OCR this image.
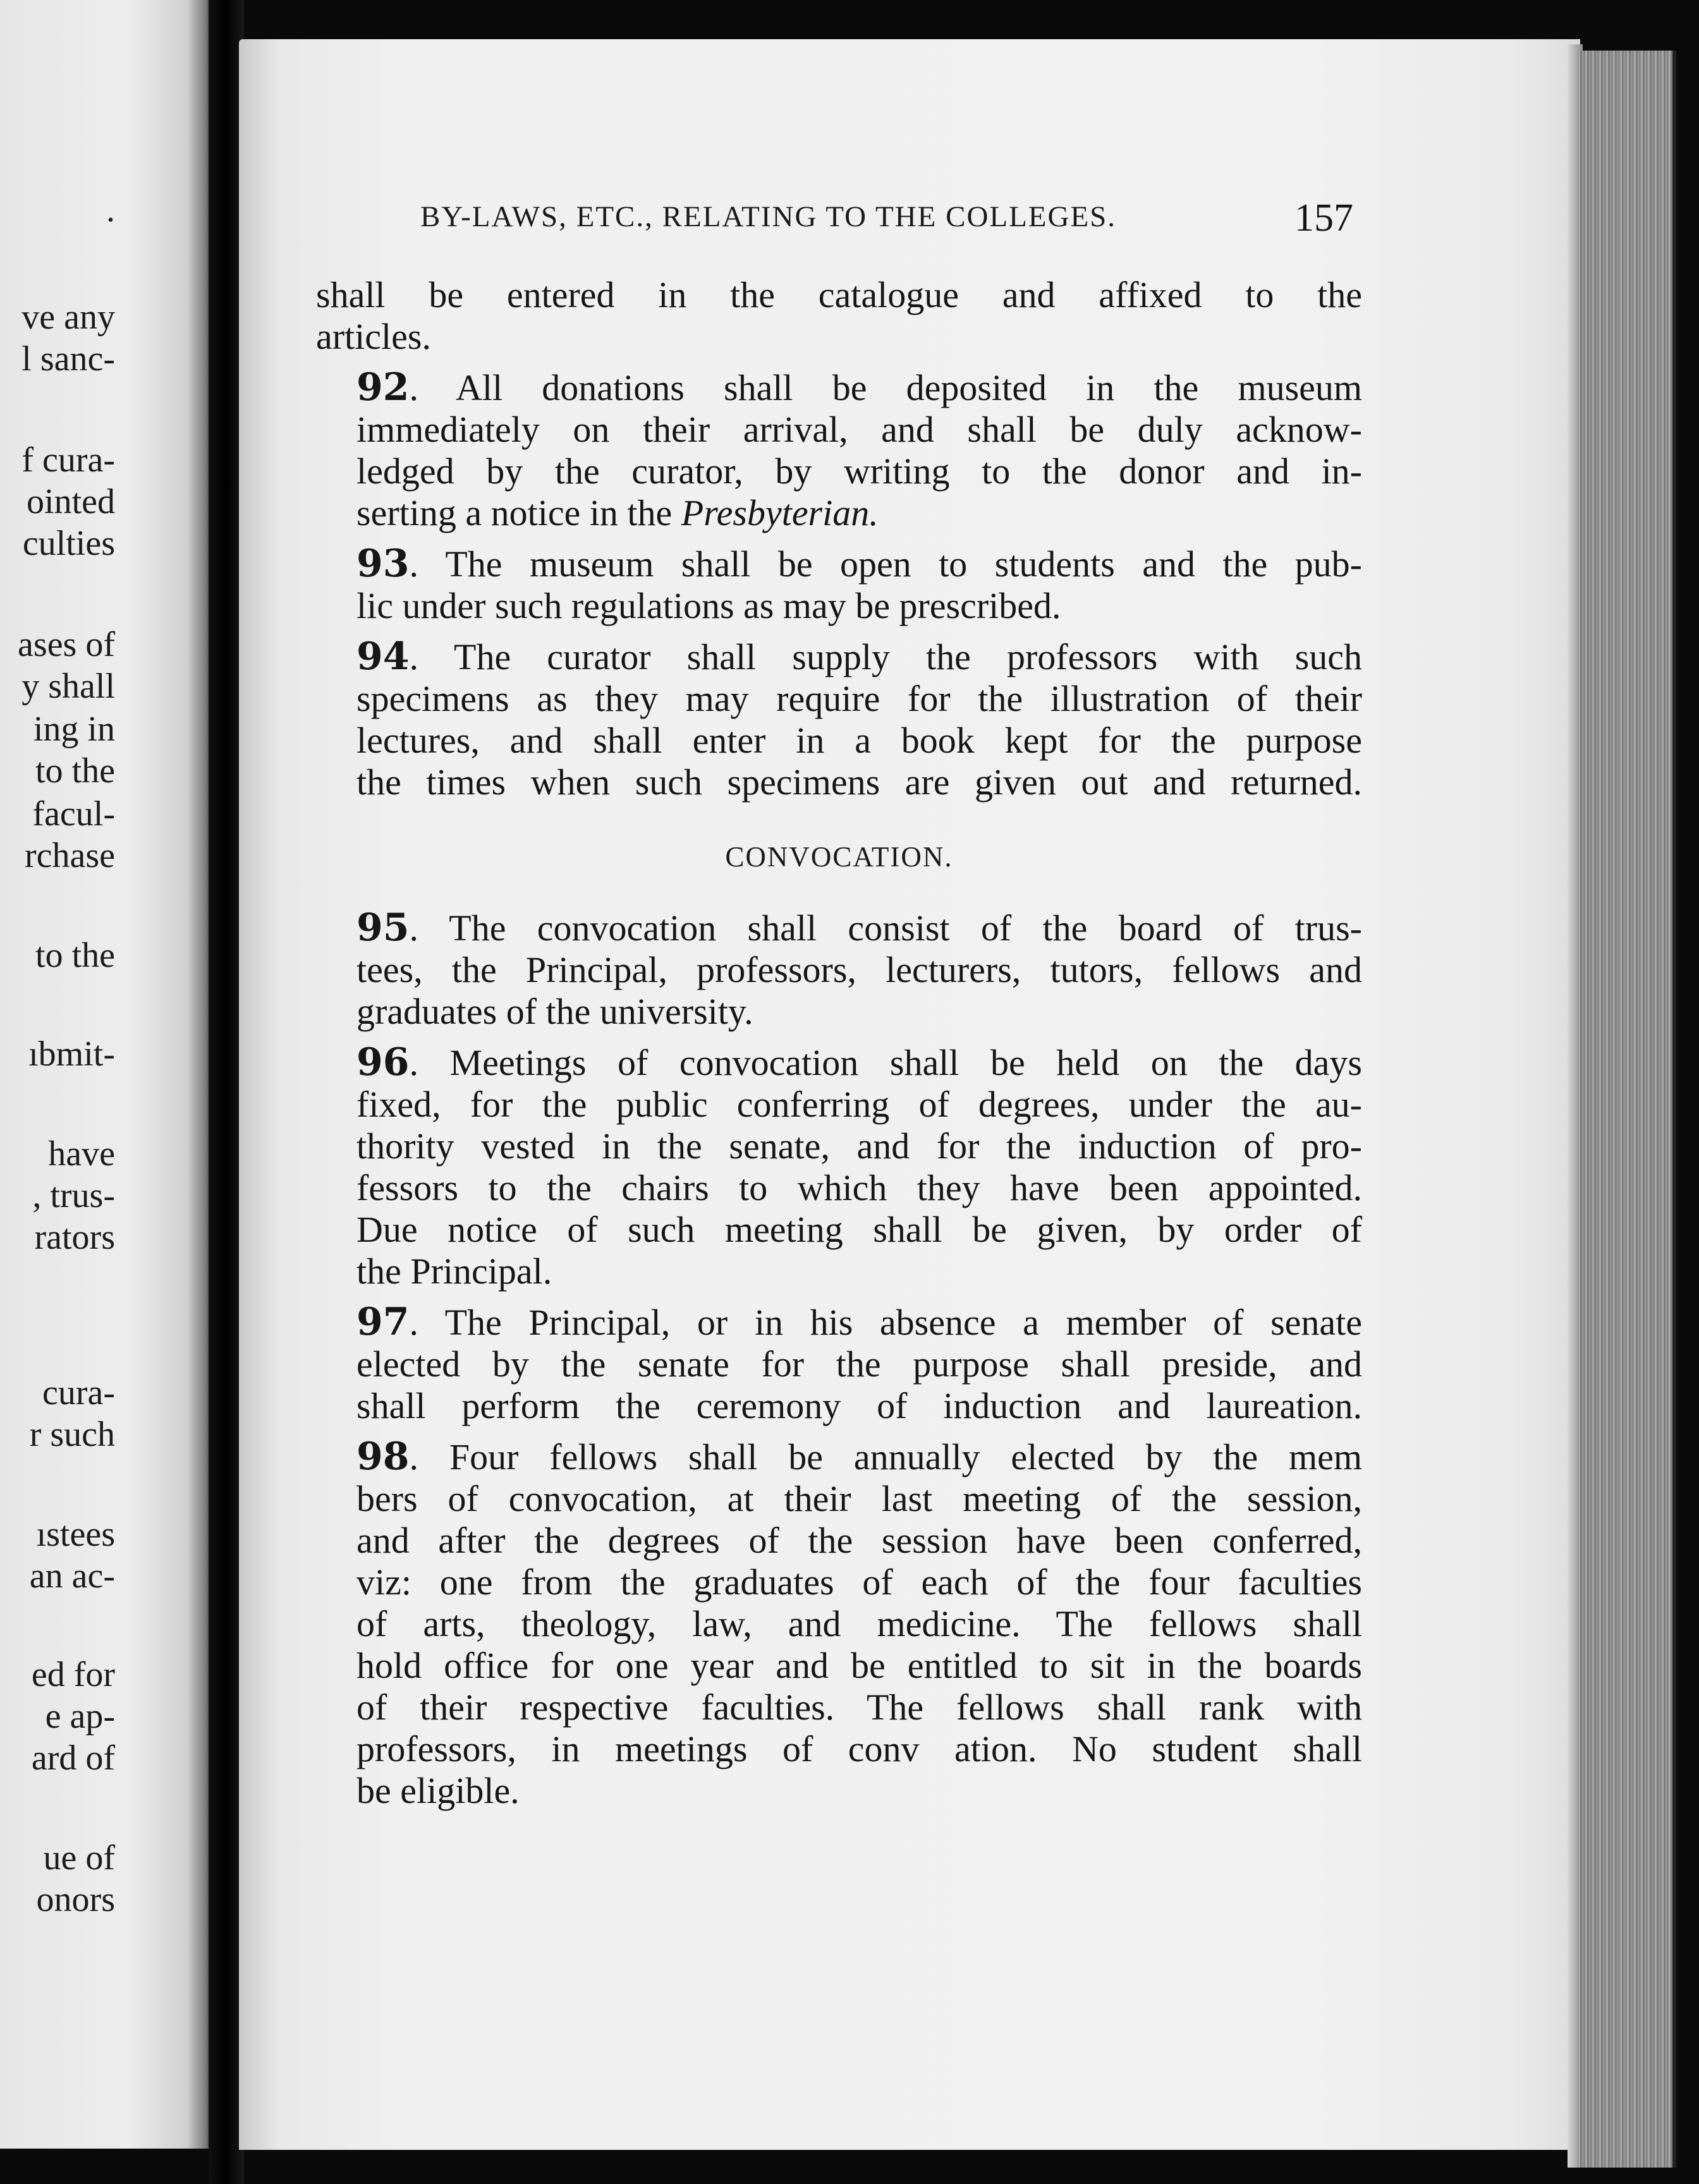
.
ve any
l sanc-
f cura-
ointed
culties
ases of
y shall
ing in
to the
facul-
rchase
to the
ıbmit-
have
, trus-
rators
cura-
r such
ıstees
an ac-
ed for
e ap-
ard of
ue of
onors
BY-LAWS, ETC., RELATING TO THE COLLEGES.	157

shall be entered in the catalogue and affixed to the
articles.

92. All donations shall be deposited in the museum
immediately on their arrival, and shall be duly acknow-
ledged by the curator, by writing to the donor and in-
serting a notice in the Presbyterian.

93. The museum shall be open to students and the pub-
lic under such regulations as may be prescribed.

94. The curator shall supply the professors with such
specimens as they may require for the illustration of their
lectures, and shall enter in a book kept for the purpose
the times when such specimens are given out and returned.

CONVOCATION.

95. The convocation shall consist of the board of trus-
tees, the Principal, professors, lecturers, tutors, fellows and
graduates of the university.

96. Meetings of convocation shall be held on the days
fixed, for the public conferring of degrees, under the au-
thority vested in the senate, and for the induction of pro-
fessors to the chairs to which they have been appointed.
Due notice of such meeting shall be given, by order of
the Principal.

97. The Principal, or in his absence a member of senate
elected by the senate for the purpose shall preside, and
shall perform the ceremony of induction and laureation.

98. Four fellows shall be annually elected by the mem
bers of convocation, at their last meeting of the session,
and after the degrees of the session have been conferred,
viz: one from the graduates of each of the four faculties
of arts, theology, law, and medicine. The fellows shall
hold office for one year and be entitled to sit in the boards
of their respective faculties. The fellows shall rank with
professors, in meetings of conv ation. No student shall
be eligible.
